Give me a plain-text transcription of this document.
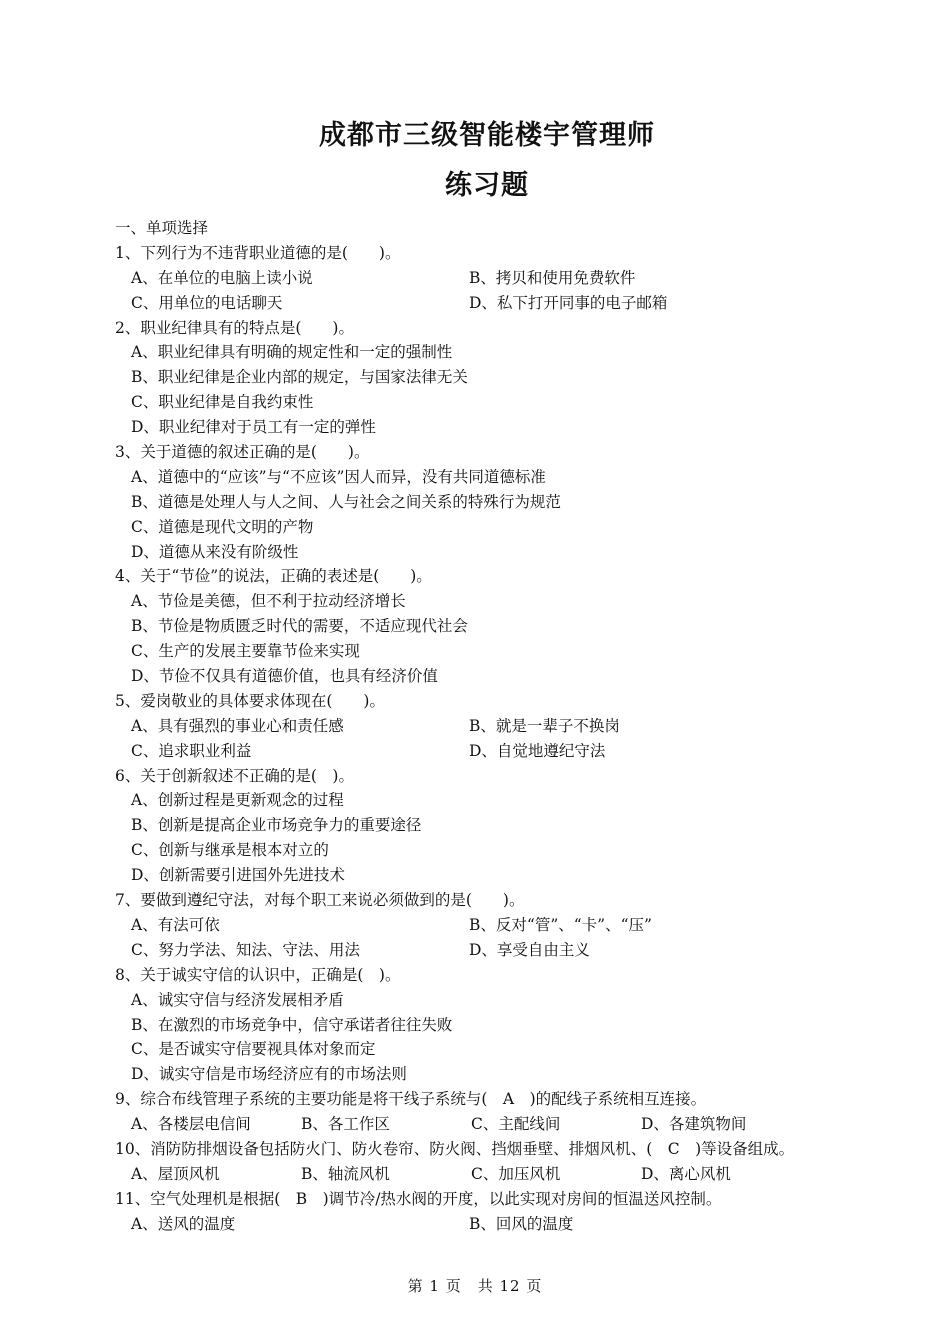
成都市三级智能楼宇管理师
练习题
一、单项选择
1、下列行为不违背职业道德的是(　　)。
A、在单位的电脑上读小说	B、拷贝和使用免费软件
C、用单位的电话聊天	D、私下打开同事的电子邮箱
2、职业纪律具有的特点是(　　)。
A、职业纪律具有明确的规定性和一定的强制性
B、职业纪律是企业内部的规定，与国家法律无关
C、职业纪律是自我约束性
D、职业纪律对于员工有一定的弹性
3、关于道德的叙述正确的是(　　)。
A、道德中的“应该”与“不应该”因人而异，没有共同道德标准
B、道德是处理人与人之间、人与社会之间关系的特殊行为规范
C、道德是现代文明的产物
D、道德从来没有阶级性
4、关于“节俭”的说法，正确的表述是(　　)。
A、节俭是美德，但不利于拉动经济增长
B、节俭是物质匮乏时代的需要，不适应现代社会
C、生产的发展主要靠节俭来实现
D、节俭不仅具有道德价值，也具有经济价值
5、爱岗敬业的具体要求体现在(　　)。
A、具有强烈的事业心和责任感	B、就是一辈子不换岗
C、追求职业利益	D、自觉地遵纪守法
6、关于创新叙述不正确的是(　)。
A、创新过程是更新观念的过程
B、创新是提高企业市场竞争力的重要途径
C、创新与继承是根本对立的
D、创新需要引进国外先进技术
7、要做到遵纪守法，对每个职工来说必须做到的是(　　)。
A、有法可依	B、反对“管”、“卡”、“压”
C、努力学法、知法、守法、用法	D、享受自由主义
8、关于诚实守信的认识中，正确是(　)。
A、诚实守信与经济发展相矛盾
B、在激烈的市场竞争中，信守承诺者往往失败
C、是否诚实守信要视具体对象而定
D、诚实守信是市场经济应有的市场法则
9、综合布线管理子系统的主要功能是将干线子系统与(　A　)的配线子系统相互连接。
A、各楼层电信间	B、各工作区	C、主配线间	D、各建筑物间
10、消防防排烟设备包括防火门、防火卷帘、防火阀、挡烟垂壁、排烟风机、(　C　)等设备组成。
A、屋顶风机	B、轴流风机	C、加压风机	D、离心风机
11、空气处理机是根据(　B　)调节冷/热水阀的开度，以此实现对房间的恒温送风控制。
A、送风的温度	B、回风的温度
第 1 页　共 12 页
